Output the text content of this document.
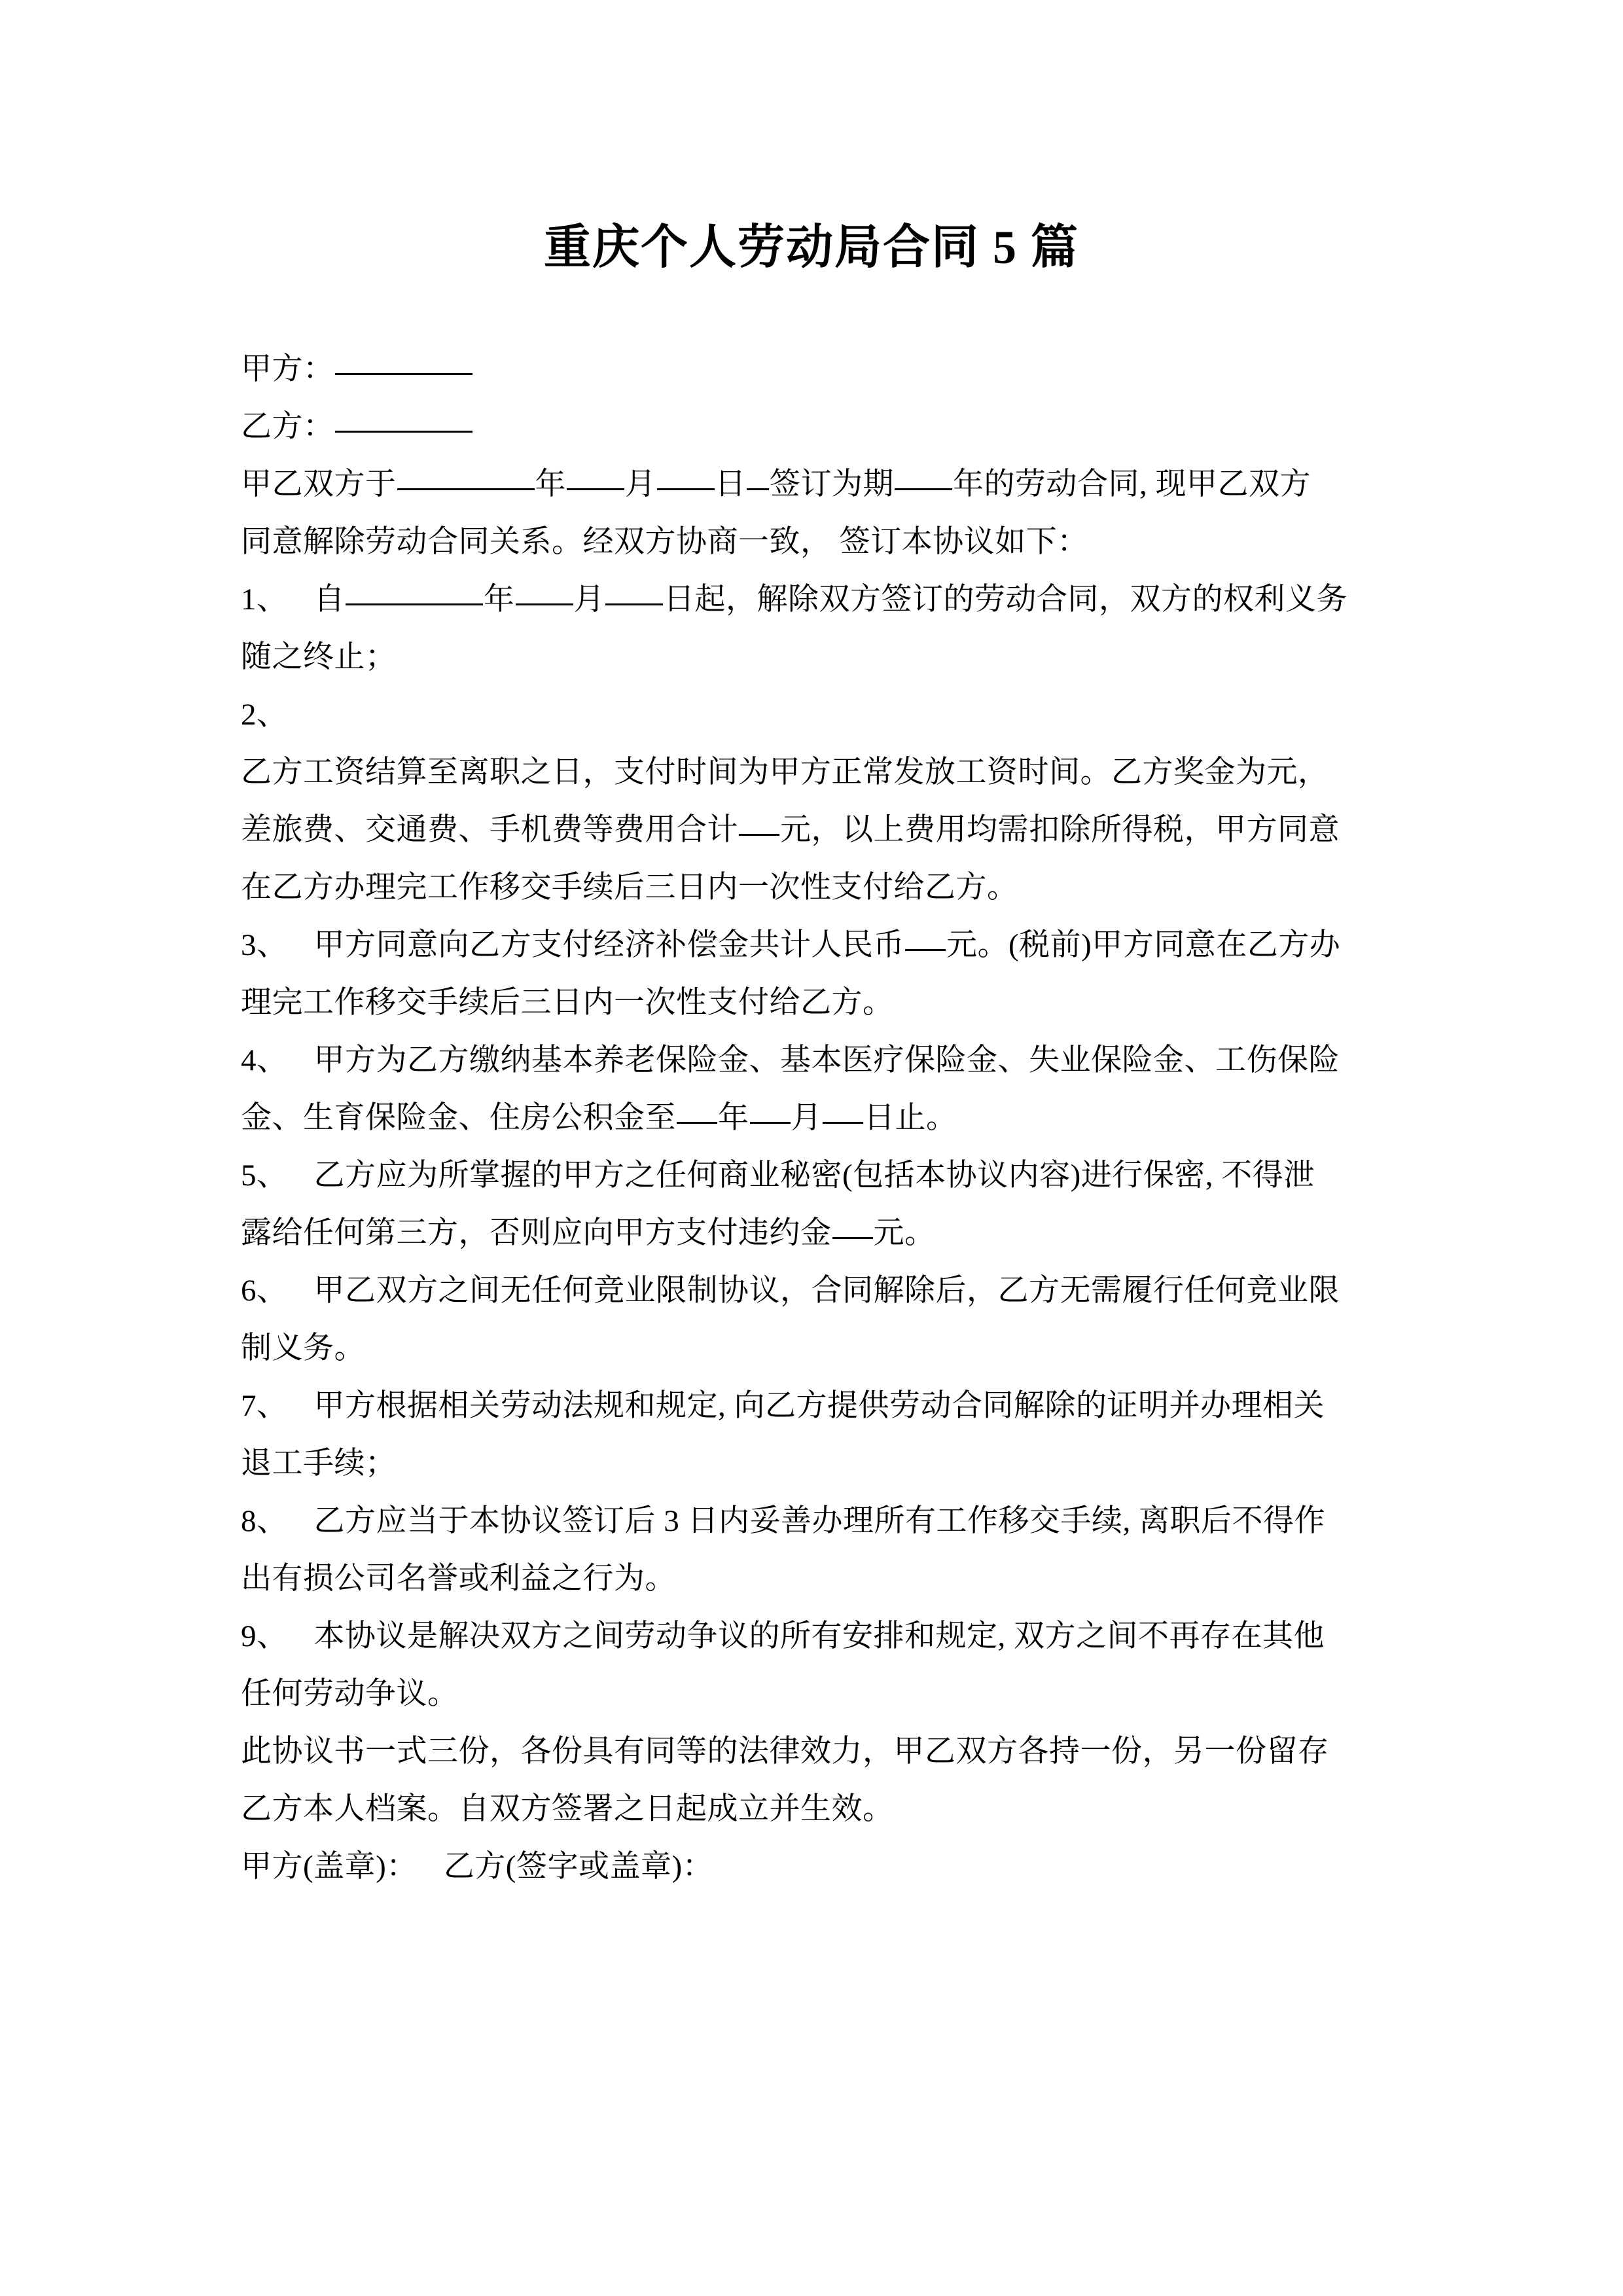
重庆个人劳动局合同 5 篇
甲方：
乙方：
甲乙双方于	年 月 日 签订为期 年的劳动合同, 现甲乙双方
同意解除劳动合同关系。经双方协商一致， 签订本协议如下：
1、 自	年 月 日起，解除双方签订的劳动合同，双方的权利义务
随之终止；
2、
乙方工资结算至离职之日，支付时间为甲方正常发放工资时间。乙方奖金为元，
差旅费、交通费、手机费等费用合计 元，以上费用均需扣除所得税，甲方同意
在乙方办理完工作移交手续后三日内一次性支付给乙方。
3、 甲方同意向乙方支付经济补偿金共计人民币 元。(税前)甲方同意在乙方办
理完工作移交手续后三日内一次性支付给乙方。
4、 甲方为乙方缴纳基本养老保险金、基本医疗保险金、失业保险金、工伤保险
金、生育保险金、住房公积金至 年 月 日止。
5、 乙方应为所掌握的甲方之任何商业秘密(包括本协议内容)进行保密, 不得泄
露给任何第三方，否则应向甲方支付违约金 元。
6、 甲乙双方之间无任何竞业限制协议，合同解除后，乙方无需履行任何竞业限
制义务。
7、 甲方根据相关劳动法规和规定, 向乙方提供劳动合同解除的证明并办理相关
退工手续；
8、 乙方应当于本协议签订后 3 日内妥善办理所有工作移交手续, 离职后不得作
出有损公司名誉或利益之行为。
9、 本协议是解决双方之间劳动争议的所有安排和规定, 双方之间不再存在其他
任何劳动争议。
此协议书一式三份，各份具有同等的法律效力，甲乙双方各持一份，另一份留存
乙方本人档案。自双方签署之日起成立并生效。
甲方(盖章)： 乙方(签字或盖章)：
